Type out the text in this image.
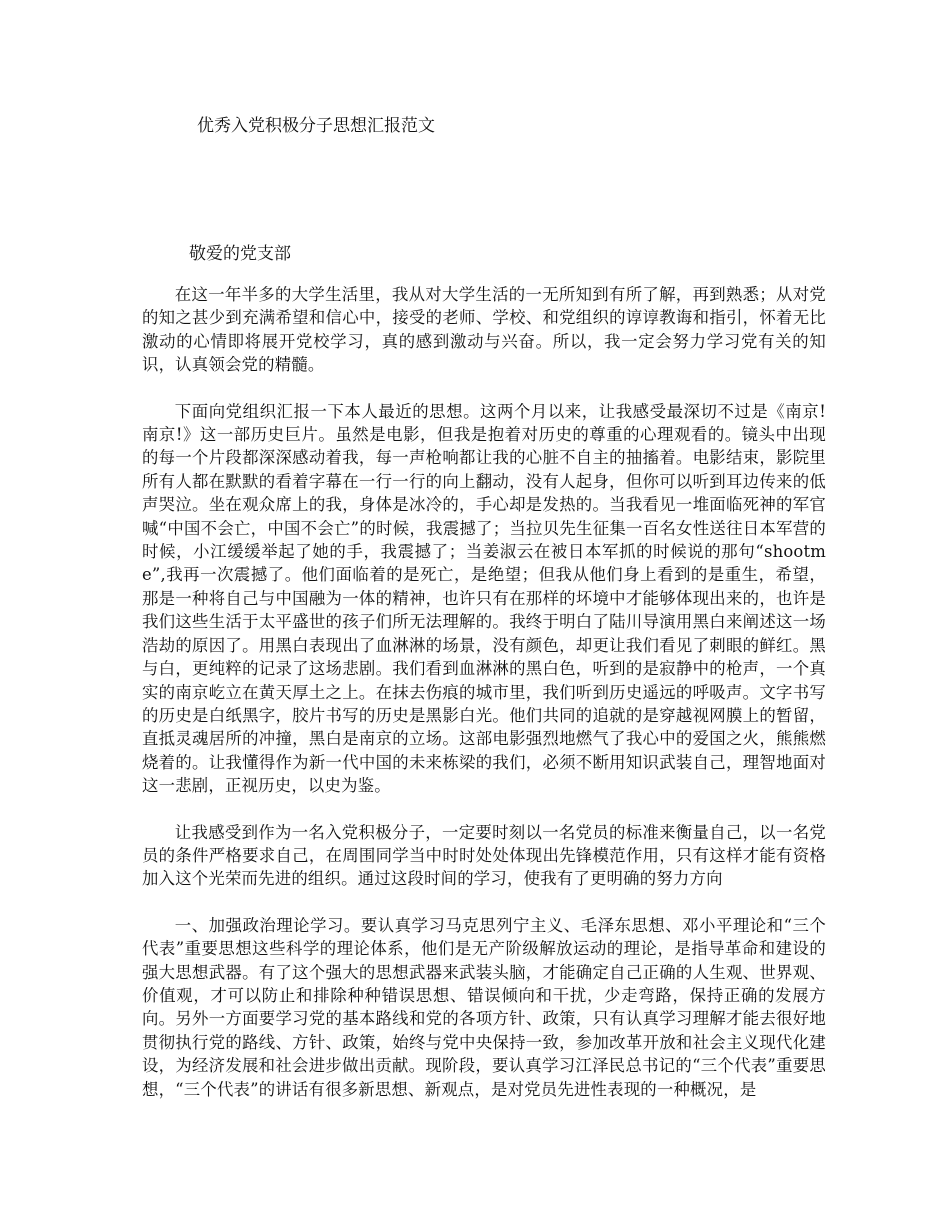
优秀入党积极分子思想汇报范文
敬爱的党支部

在这一年半多的大学生活里，我从对大学生活的一无所知到有所了解，再到熟悉；从对党的知之甚少到充满希望和信心中，接受的老师、学校、和党组织的谆谆教诲和指引，怀着无比激动的心情即将展开党校学习，真的感到激动与兴奋。所以，我一定会努力学习党有关的知识，认真领会党的精髓。

下面向党组织汇报一下本人最近的思想。这两个月以来，让我感受最深切不过是《南京!南京!》这一部历史巨片。虽然是电影，但我是抱着对历史的尊重的心理观看的。镜头中出现的每一个片段都深深感动着我，每一声枪响都让我的心脏不自主的抽搐着。电影结束，影院里所有人都在默默的看着字幕在一行一行的向上翻动，没有人起身，但你可以听到耳边传来的低声哭泣。坐在观众席上的我，身体是冰冷的，手心却是发热的。当我看见一堆面临死神的军官喊“中国不会亡，中国不会亡”的时候，我震撼了；当拉贝先生征集一百名女性送往日本军营的时候，小江缓缓举起了她的手，我震撼了；当姜淑云在被日本军抓的时候说的那句“shootme”,我再一次震撼了。他们面临着的是死亡，是绝望；但我从他们身上看到的是重生，希望，那是一种将自己与中国融为一体的精神，也许只有在那样的坏境中才能够体现出来的，也许是我们这些生活于太平盛世的孩子们所无法理解的。我终于明白了陆川导演用黑白来阐述这一场浩劫的原因了。用黑白表现出了血淋淋的场景，没有颜色，却更让我们看见了刺眼的鲜红。黑与白，更纯粹的记录了这场悲剧。我们看到血淋淋的黑白色，听到的是寂静中的枪声，一个真实的南京屹立在黄天厚土之上。在抹去伤痕的城市里，我们听到历史遥远的呼吸声。文字书写的历史是白纸黑字，胶片书写的历史是黑影白光。他们共同的追就的是穿越视网膜上的暂留，直抵灵魂居所的冲撞，黑白是南京的立场。这部电影强烈地燃气了我心中的爱国之火，熊熊燃烧着的。让我懂得作为新一代中国的未来栋梁的我们，必须不断用知识武装自己，理智地面对这一悲剧，正视历史，以史为鉴。

让我感受到作为一名入党积极分子，一定要时刻以一名党员的标准来衡量自己，以一名党员的条件严格要求自己，在周围同学当中时时处处体现出先锋模范作用，只有这样才能有资格加入这个光荣而先进的组织。通过这段时间的学习，使我有了更明确的努力方向

一、加强政治理论学习。要认真学习马克思列宁主义、毛泽东思想、邓小平理论和“三个代表”重要思想这些科学的理论体系，他们是无产阶级解放运动的理论，是指导革命和建设的强大思想武器。有了这个强大的思想武器来武装头脑，才能确定自己正确的人生观、世界观、价值观，才可以防止和排除种种错误思想、错误倾向和干扰，少走弯路，保持正确的发展方向。另外一方面要学习党的基本路线和党的各项方针、政策，只有认真学习理解才能去很好地贯彻执行党的路线、方针、政策，始终与党中央保持一致，参加改革开放和社会主义现代化建设，为经济发展和社会进步做出贡献。现阶段，要认真学习江泽民总书记的“三个代表”重要思想，“三个代表”的讲话有很多新思想、新观点，是对党员先进性表现的一种概况，是
